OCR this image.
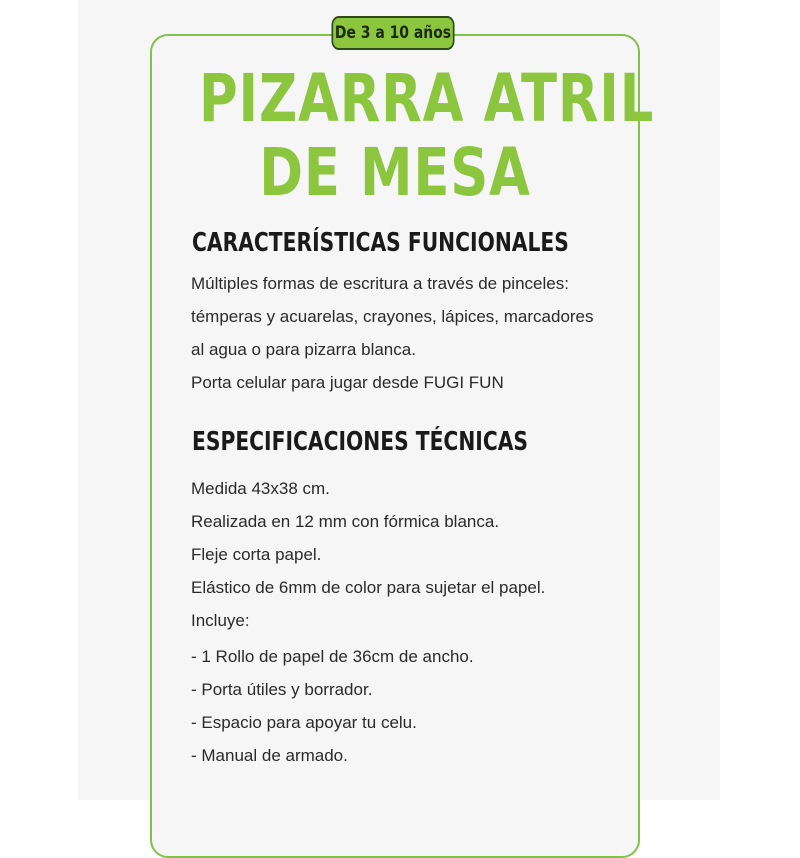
De 3 a 10 años
PIZARRA ATRIL
DE MESA
CARACTERÍSTICAS FUNCIONALES
Múltiples formas de escritura a través de pinceles:
témperas y acuarelas, crayones, lápices, marcadores
al agua o para pizarra blanca.
Porta celular para jugar desde FUGI FUN
ESPECIFICACIONES TÉCNICAS
Medida 43x38 cm.
Realizada en 12 mm con fórmica blanca.
Fleje corta papel.
Elástico de 6mm de color para sujetar el papel.
Incluye:
- 1 Rollo de papel de 36cm de ancho.
- Porta útiles y borrador.
- Espacio para apoyar tu celu.
- Manual de armado.
